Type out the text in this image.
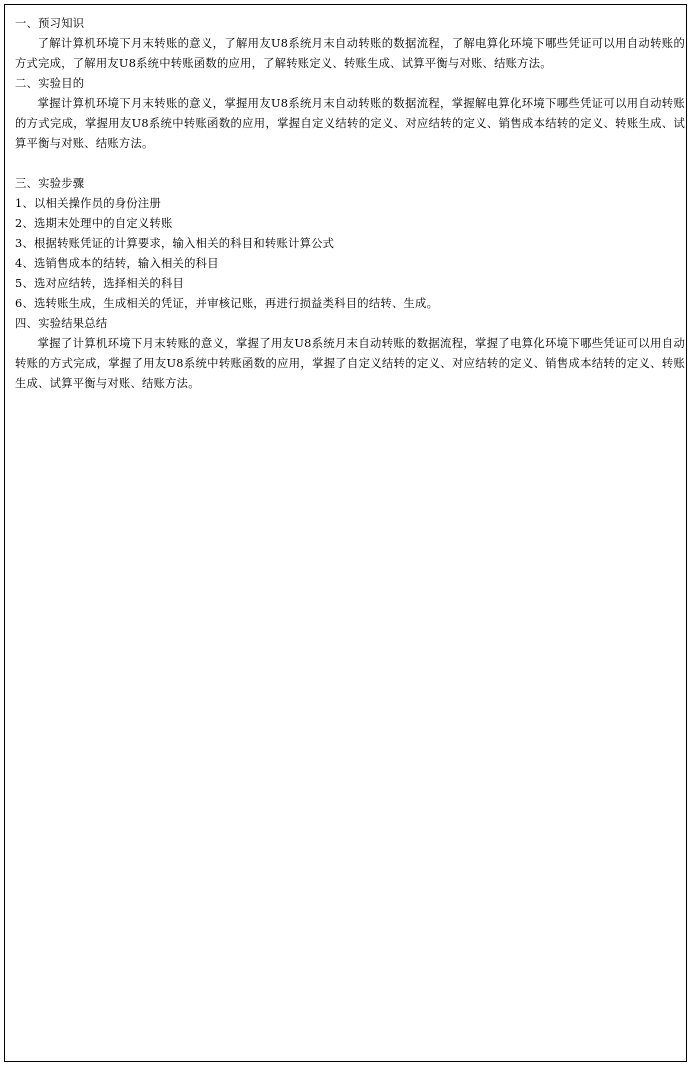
一、预习知识

了解计算机环境下月末转账的意义，了解用友U8系统月末自动转账的数据流程，了解电算化环境下哪些凭证可以用自动转账的方式完成，了解用友U8系统中转账函数的应用，了解转账定义、转账生成、试算平衡与对账、结账方法。

二、实验目的

掌握计算机环境下月末转账的意义，掌握用友U8系统月末自动转账的数据流程，掌握解电算化环境下哪些凭证可以用自动转账的方式完成，掌握用友U8系统中转账函数的应用，掌握自定义结转的定义、对应结转的定义、销售成本结转的定义、转账生成、试算平衡与对账、结账方法。

三、实验步骤

1、以相关操作员的身份注册

2、选期末处理中的自定义转账

3、根据转账凭证的计算要求，输入相关的科目和转账计算公式

4、选销售成本的结转，输入相关的科目

5、选对应结转，选择相关的科目

6、选转账生成，生成相关的凭证，并审核记账，再进行损益类科目的结转、生成。

四、实验结果总结

掌握了计算机环境下月末转账的意义，掌握了用友U8系统月末自动转账的数据流程，掌握了电算化环境下哪些凭证可以用自动转账的方式完成，掌握了用友U8系统中转账函数的应用，掌握了自定义结转的定义、对应结转的定义、销售成本结转的定义、转账生成、试算平衡与对账、结账方法。
